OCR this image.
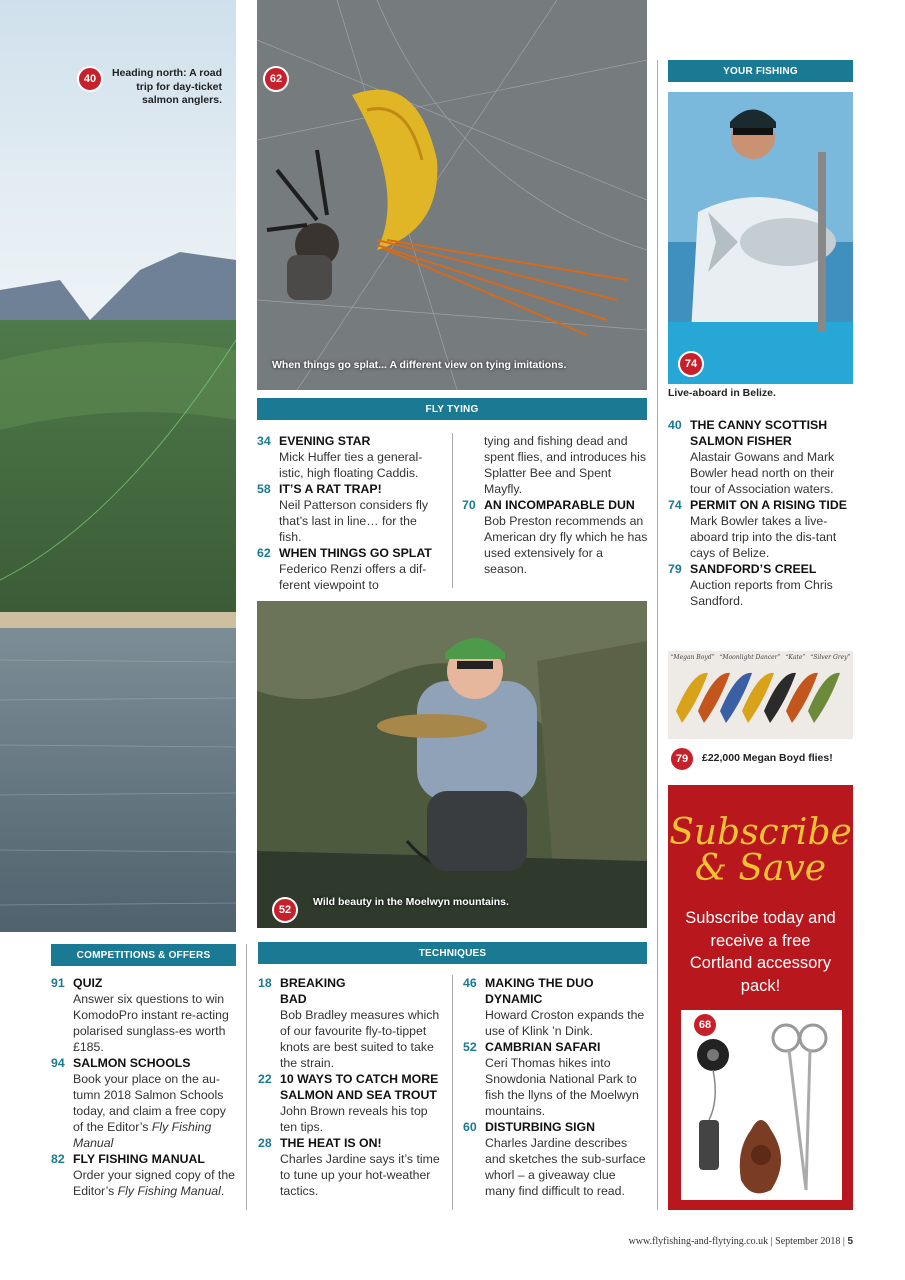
40	Heading north: A road trip for day-ticket salmon anglers.
62
When things go splat... A different view on tying imitations.
FLY TYING
34 EVENING STAR
Mick Huffer ties a general-istic, high floating Caddis.
58 IT’S A RAT TRAP!
Neil Patterson considers fly that’s last in line… for the fish.
62 WHEN THINGS GO SPLAT
Federico Renzi offers a dif-ferent viewpoint to
tying and fishing dead and spent flies, and introduces his Splatter Bee and Spent Mayfly.
70 AN INCOMPARABLE DUN
Bob Preston recommends an American dry fly which he has used extensively for a season.
52
Wild beauty in the Moelwyn mountains.
YOUR FISHING
74
Live-aboard in Belize.
40 THE CANNY SCOTTISH SALMON FISHER
Alastair Gowans and Mark Bowler head north on their tour of Association waters.
74 PERMIT ON A RISING TIDE
Mark Bowler takes a live-aboard trip into the dis-tant cays of Belize.
79 SANDFORD’S CREEL
Auction reports from Chris Sandford.
“Megan Boyd” “Moonlight Dancer” “Kate” “Silver Grey”
79	£22,000 Megan Boyd flies!
Subscribe
& Save
Subscribe today and receive a free Cortland accessory pack!
68
COMPETITIONS & OFFERS
91 QUIZ
Answer six questions to win KomodoPro instant re-acting polarised sunglass-es worth £185.
94 SALMON SCHOOLS
Book your place on the au-tumn 2018 Salmon Schools today, and claim a free copy of the Editor’s Fly Fishing Manual
82 FLY FISHING MANUAL
Order your signed copy of the Editor’s Fly Fishing Manual.
TECHNIQUES
18 BREAKING BAD
Bob Bradley measures which of our favourite fly-to-tippet knots are best suited to take the strain.
22 10 WAYS TO CATCH MORE SALMON AND SEA TROUT
John Brown reveals his top ten tips.
28 THE HEAT IS ON!
Charles Jardine says it’s time to tune up your hot-weather tactics.
46 MAKING THE DUO DYNAMIC
Howard Croston expands the use of Klink ’n Dink.
52 CAMBRIAN SAFARI
Ceri Thomas hikes into Snowdonia National Park to fish the llyns of the Moelwyn mountains.
60 DISTURBING SIGN
Charles Jardine describes and sketches the sub-surface whorl – a giveaway clue many find difficult to read.
www.flyfishing-and-flytying.co.uk | September 2018 | 5
